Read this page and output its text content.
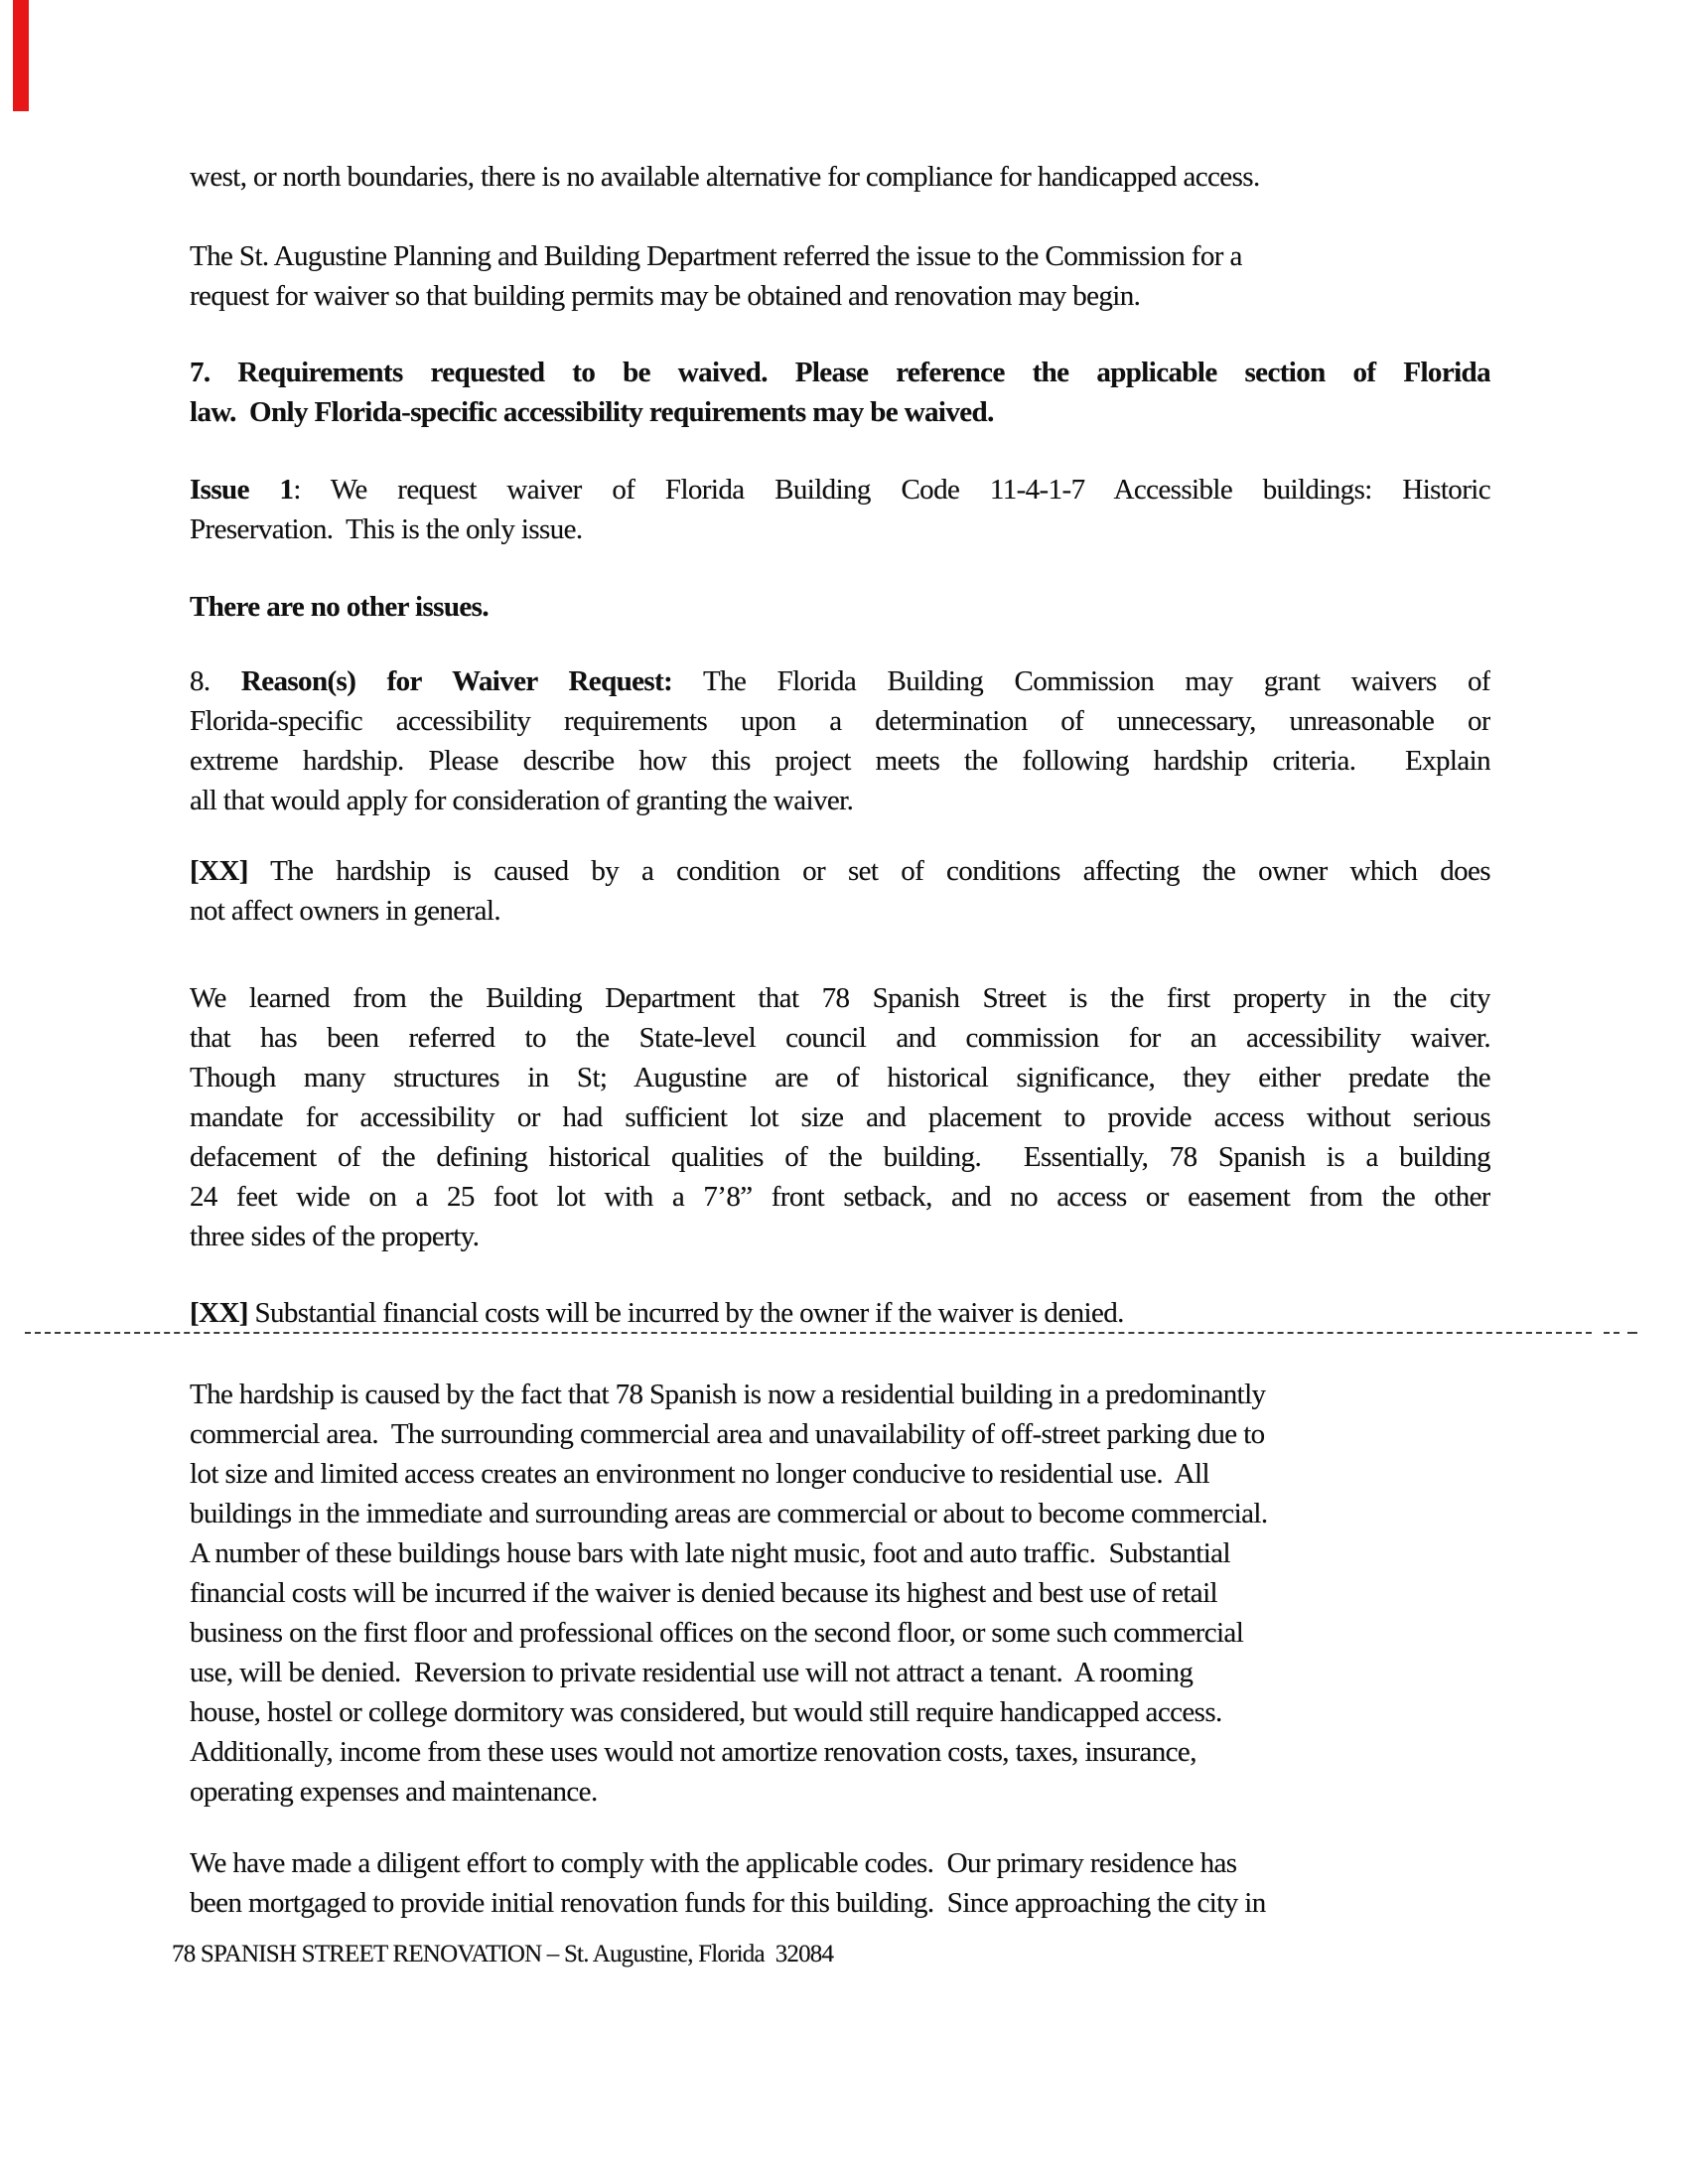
west, or north boundaries, there is no available alternative for compliance for handicapped access.
The St. Augustine Planning and Building Department referred the issue to the Commission for a
request for waiver so that building permits may be obtained and renovation may begin.
7. Requirements requested to be waived. Please reference the applicable section of Florida
law.  Only Florida-specific accessibility requirements may be waived.
Issue 1: We request waiver of Florida Building Code 11-4-1-7 Accessible buildings: Historic
Preservation.  This is the only issue.
There are no other issues.
8. Reason(s) for Waiver Request: The Florida Building Commission may grant waivers of
Florida-specific accessibility requirements upon a determination of unnecessary, unreasonable or
extreme hardship. Please describe how this project meets the following hardship criteria.  Explain
all that would apply for consideration of granting the waiver.
[XX] The hardship is caused by a condition or set of conditions affecting the owner which does
not affect owners in general.
We learned from the Building Department that 78 Spanish Street is the first property in the city
that has been referred to the State-level council and commission for an accessibility waiver.
Though many structures in St; Augustine are of historical significance, they either predate the
mandate for accessibility or had sufficient lot size and placement to provide access without serious
defacement of the defining historical qualities of the building.  Essentially, 78 Spanish is a building
24 feet wide on a 25 foot lot with a 7’8” front setback, and no access or easement from the other
three sides of the property.
[XX] Substantial financial costs will be incurred by the owner if the waiver is denied.
The hardship is caused by the fact that 78 Spanish is now a residential building in a predominantly
commercial area.  The surrounding commercial area and unavailability of off-street parking due to
lot size and limited access creates an environment no longer conducive to residential use.  All
buildings in the immediate and surrounding areas are commercial or about to become commercial.
A number of these buildings house bars with late night music, foot and auto traffic.  Substantial
financial costs will be incurred if the waiver is denied because its highest and best use of retail
business on the first floor and professional offices on the second floor, or some such commercial
use, will be denied.  Reversion to private residential use will not attract a tenant.  A rooming
house, hostel or college dormitory was considered, but would still require handicapped access.
Additionally, income from these uses would not amortize renovation costs, taxes, insurance,
operating expenses and maintenance.
We have made a diligent effort to comply with the applicable codes.  Our primary residence has
been mortgaged to provide initial renovation funds for this building.  Since approaching the city in
78 SPANISH STREET RENOVATION – St. Augustine, Florida  32084
